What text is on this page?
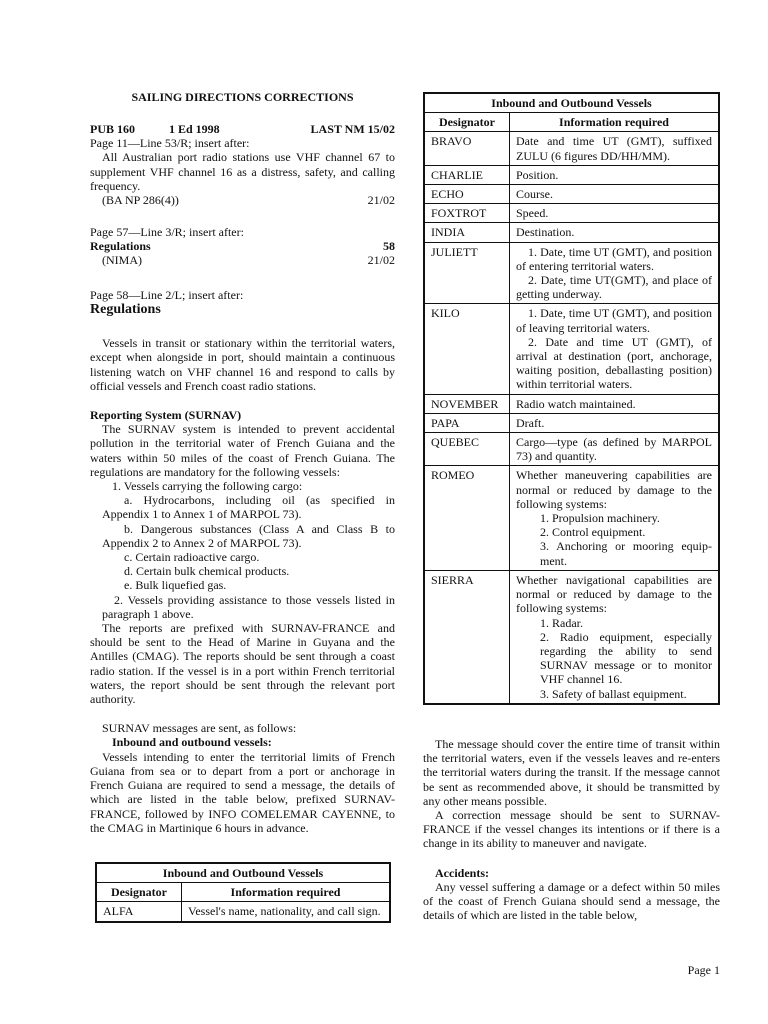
SAILING DIRECTIONS CORRECTIONS

PUB 160	1 Ed 1998	LAST NM 15/02

Page 11—Line 53/R; insert after:

All Australian port radio stations use VHF channel 67 to supplement VHF channel 16 as a distress, safety, and calling frequency.

(BA NP 286(4))	21/02

Page 57—Line 3/R; insert after:

Regulations	58
(NIMA)	21/02

Page 58—Line 2/L; insert after:

Regulations

Vessels in transit or stationary within the territorial waters, except when alongside in port, should maintain a continuous listening watch on VHF channel 16 and respond to calls by official vessels and French coast radio stations.

Reporting System (SURNAV)

The SURNAV system is intended to prevent accidental pollution in the territorial water of French Guiana and the waters within 50 miles of the coast of French Guiana. The regulations are mandatory for the following vessels:

1. Vessels carrying the following cargo:

a. Hydrocarbons, including oil (as specified in Appendix 1 to Annex 1 of MARPOL 73).

b. Dangerous substances (Class A and Class B to Appendix 2 to Annex 2 of MARPOL 73).

c. Certain radioactive cargo.

d. Certain bulk chemical products.

e. Bulk liquefied gas.

2. Vessels providing assistance to those vessels listed in paragraph 1 above.

The reports are prefixed with SURNAV-FRANCE and should be sent to the Head of Marine in Guyana and the Antilles (CMAG). The reports should be sent through a coast radio station. If the vessel is in a port within French territorial waters, the report should be sent through the relevant port authority.

SURNAV messages are sent, as follows:

Inbound and outbound vessels:

Vessels intending to enter the territorial limits of French Guiana from sea or to depart from a port or anchorage in French Guiana are required to send a message, the details of which are listed in the table below, prefixed SURNAV-FRANCE, followed by INFO COMELEMAR CAYENNE, to the CMAG in Martinique 6 hours in advance.

Inbound and Outbound Vessels	
Designator	Information required
ALFA	Vessel's name, nationality, and call sign.
Inbound and Outbound Vessels	
Designator	Information required
BRAVO	Date and time UT (GMT), suffixed ZULU (6 figures DD/HH/MM).

CHARLIE	Position.

ECHO	Course.

FOXTROT	Speed.

INDIA	Destination.

JULIETT	1. Date, time UT (GMT), and position of entering territorial waters.
2. Date, time UT(GMT), and place of getting underway.

KILO	1. Date, time UT (GMT), and position of leaving territorial waters.
2. Date and time UT (GMT), of arrival at destination (port, anchorage, waiting position, deballasting position) within territorial waters.

NOVEMBER	Radio watch maintained.

PAPA	Draft.

QUEBEC	Cargo—type (as defined by MARPOL 73) and quantity.

ROMEO	Whether maneuvering capabilities are normal or reduced by damage to the following systems:
1. Propulsion machinery.
2. Control equipment.
3. Anchoring or mooring equip-ment.

SIERRA	Whether navigational capabilities are normal or reduced by damage to the following systems:
1. Radar.
2. Radio equipment, especially regarding the ability to send SURNAV message or to monitor VHF channel 16.
3. Safety of ballast equipment.

The message should cover the entire time of transit within the territorial waters, even if the vessels leaves and re-enters the territorial waters during the transit. If the message cannot be sent as recommended above, it should be transmitted by any other means possible.

A correction message should be sent to SURNAV-FRANCE if the vessel changes its intentions or if there is a change in its ability to maneuver and navigate.

Accidents:

Any vessel suffering a damage or a defect within 50 miles of the coast of French Guiana should send a message, the details of which are listed in the table below,

Page 1
